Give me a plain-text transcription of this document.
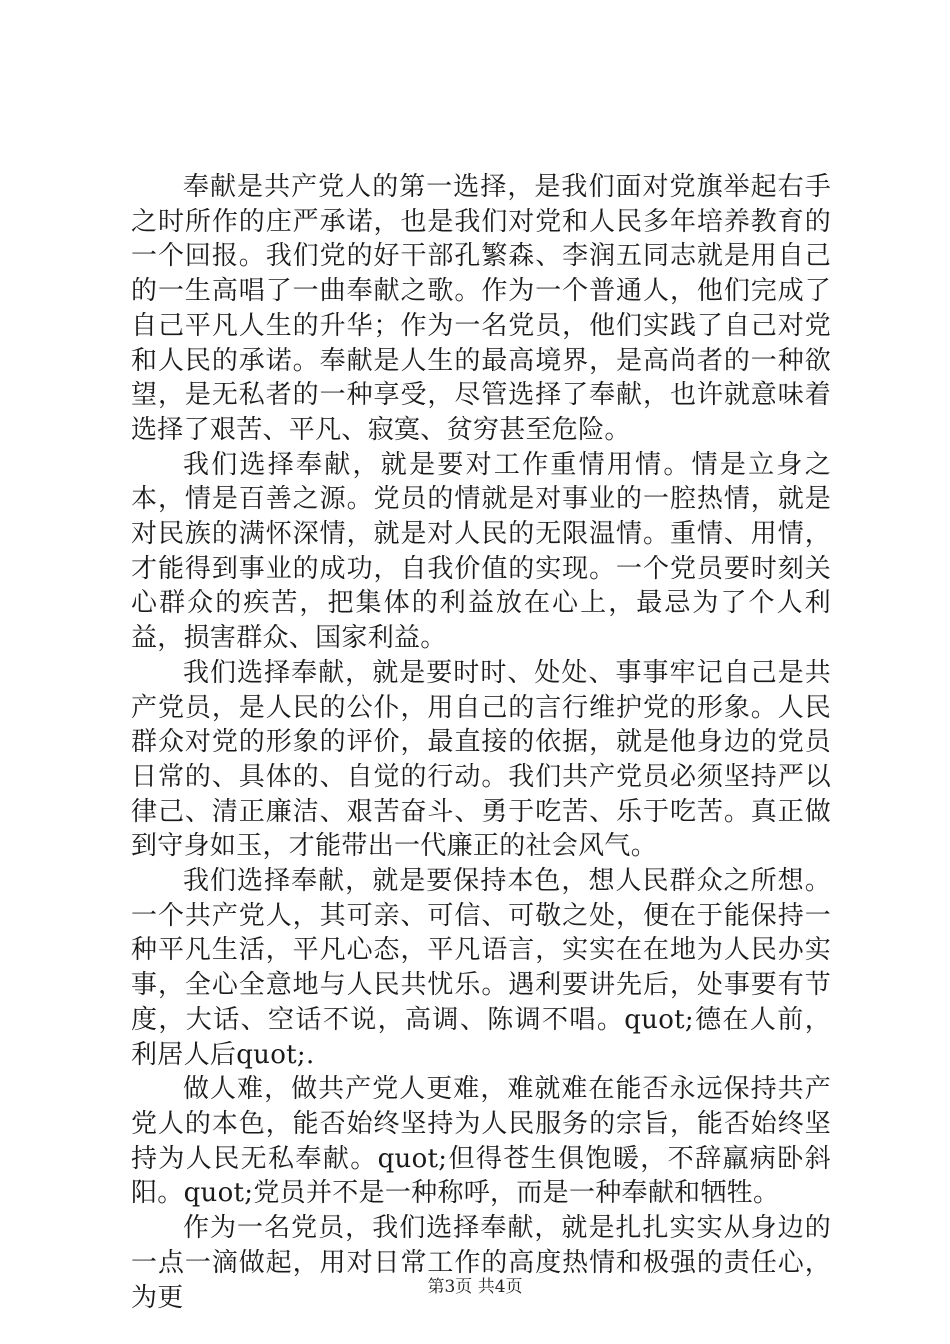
奉献是共产党人的第一选择，是我们面对党旗举起右手之时所作的庄严承诺，也是我们对党和人民多年培养教育的一个回报。我们党的好干部孔繁森、李润五同志就是用自己的一生高唱了一曲奉献之歌。作为一个普通人，他们完成了自己平凡人生的升华；作为一名党员，他们实践了自己对党和人民的承诺。奉献是人生的最高境界，是高尚者的一种欲望，是无私者的一种享受，尽管选择了奉献，也许就意味着选择了艰苦、平凡、寂寞、贫穷甚至危险。

我们选择奉献，就是要对工作重情用情。情是立身之本，情是百善之源。党员的情就是对事业的一腔热情，就是对民族的满怀深情，就是对人民的无限温情。重情、用情，才能得到事业的成功，自我价值的实现。一个党员要时刻关心群众的疾苦，把集体的利益放在心上，最忌为了个人利益，损害群众、国家利益。

我们选择奉献，就是要时时、处处、事事牢记自己是共产党员，是人民的公仆，用自己的言行维护党的形象。人民群众对党的形象的评价，最直接的依据，就是他身边的党员日常的、具体的、自觉的行动。我们共产党员必须坚持严以律己、清正廉洁、艰苦奋斗、勇于吃苦、乐于吃苦。真正做到守身如玉，才能带出一代廉正的社会风气。

我们选择奉献，就是要保持本色，想人民群众之所想。一个共产党人，其可亲、可信、可敬之处，便在于能保持一种平凡生活，平凡心态，平凡语言，实实在在地为人民办实事，全心全意地与人民共忧乐。遇利要讲先后，处事要有节度，大话、空话不说，高调、陈调不唱。quot;德在人前，利居人后quot;.

做人难，做共产党人更难，难就难在能否永远保持共产党人的本色，能否始终坚持为人民服务的宗旨，能否始终坚持为人民无私奉献。quot;但得苍生俱饱暖，不辞羸病卧斜阳。quot;党员并不是一种称呼，而是一种奉献和牺牲。

作为一名党员，我们选择奉献，就是扎扎实实从身边的一点一滴做起，用对日常工作的高度热情和极强的责任心，为更	第3页 共4页
